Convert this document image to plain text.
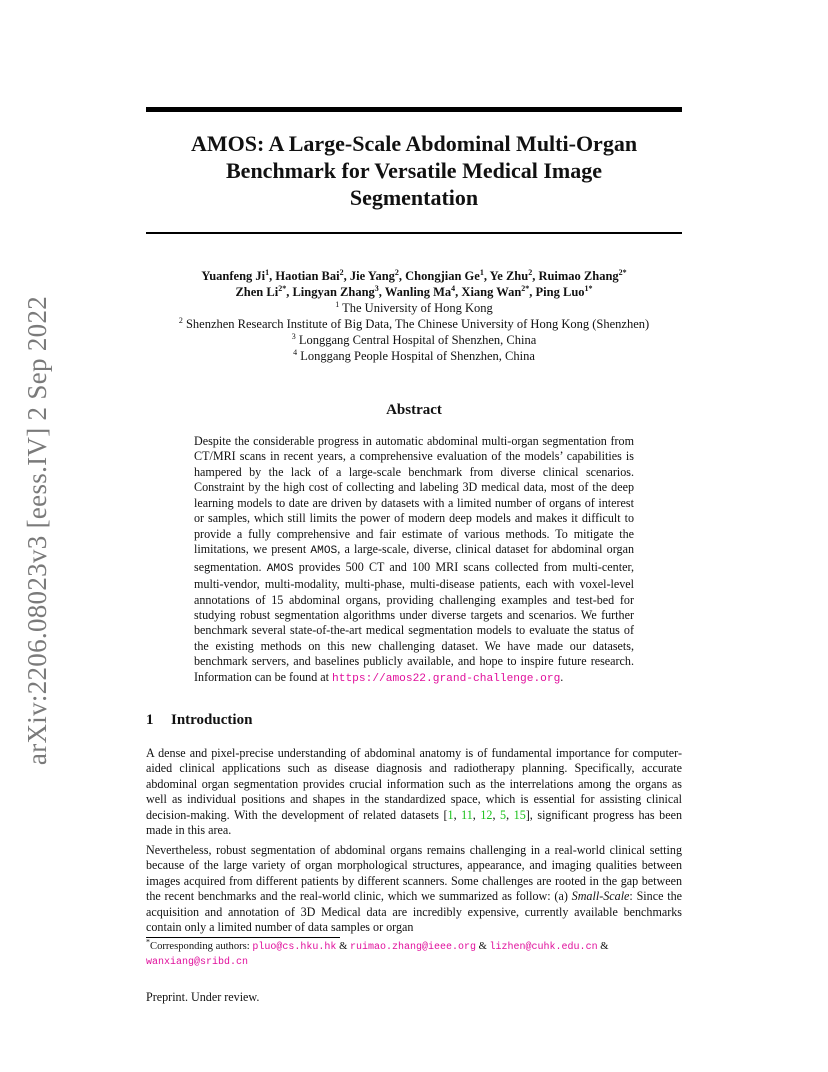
arXiv:2206.08023v3 [eess.IV] 2 Sep 2022
AMOS: A Large-Scale Abdominal Multi-Organ
Benchmark for Versatile Medical Image
Segmentation
Yuanfeng Ji$^1$, Haotian Bai$^2$, Jie Yang$^2$, Chongjian Ge$^1$, Ye Zhu$^2$, Ruimao Zhang$^{2*}$
Zhen $Li^{2*}$, Lingyan Zhang$^3$, Wanling Ma$^4$, Xiang Wan$^{2*}$, Ping Luo$^{1*}$
$^1$ The University of Hong Kong
$^2$ Shenzhen Research Institute of Big Data, The Chinese University of Hong Kong (Shenzhen)
$^3$ Longgang Central Hospital of Shenzhen, China
$^4$ Longgang People Hospital of Shenzhen, China
Abstract

Despite the considerable progress in automatic abdominal multi-organ segmentation from CT/MRI scans in recent years, a comprehensive evaluation of the models’ capabilities is hampered by the lack of a large-scale benchmark from diverse clinical scenarios. Constraint by the high cost of collecting and labeling 3D medical data, most of the deep learning models to date are driven by datasets with a limited number of organs of interest or samples, which still limits the power of modern deep models and makes it difficult to provide a fully comprehensive and fair estimate of various methods. To mitigate the limitations, we present AMOS, a large-scale, diverse, clinical dataset for abdominal organ segmentation. AMOS provides 500 CT and 100 MRI scans collected from multi-center, multi-vendor, multi-modality, multi-phase, multi-disease patients, each with voxel-level annotations of 15 abdominal organs, providing challenging examples and test-bed for studying robust segmentation algorithms under diverse targets and scenarios. We further benchmark several state-of-the-art medical segmentation models to evaluate the status of the existing methods on this new challenging dataset. We have made our datasets, benchmark servers, and baselines publicly available, and hope to inspire future research. Information can be found at https://amos22.grand-challenge.org.

1 Introduction

A dense and pixel-precise understanding of abdominal anatomy is of fundamental importance for computer-aided clinical applications such as disease diagnosis and radiotherapy planning. Specifically, accurate abdominal organ segmentation provides crucial information such as the interrelations among the organs as well as individual positions and shapes in the standardized space, which is essential for assisting clinical decision-making. With the development of related datasets [1, 11, 12, 5, 15], significant progress has been made in this area.

Nevertheless, robust segmentation of abdominal organs remains challenging in a real-world clinical setting because of the large variety of organ morphological structures, appearance, and imaging qualities between images acquired from different patients by different scanners. Some challenges are rooted in the gap between the recent benchmarks and the real-world clinic, which we summarized as follow: (a) Small-Scale: Since the acquisition and annotation of 3D Medical data are incredibly expensive, currently available benchmarks contain only a limited number of data samples or organ

*Corresponding authors: pluo@cs.hku.hk & ruimao.zhang@ieee.org & lizhen@cuhk.edu.cn & wanxiang@sribd.cn

Preprint. Under review.
